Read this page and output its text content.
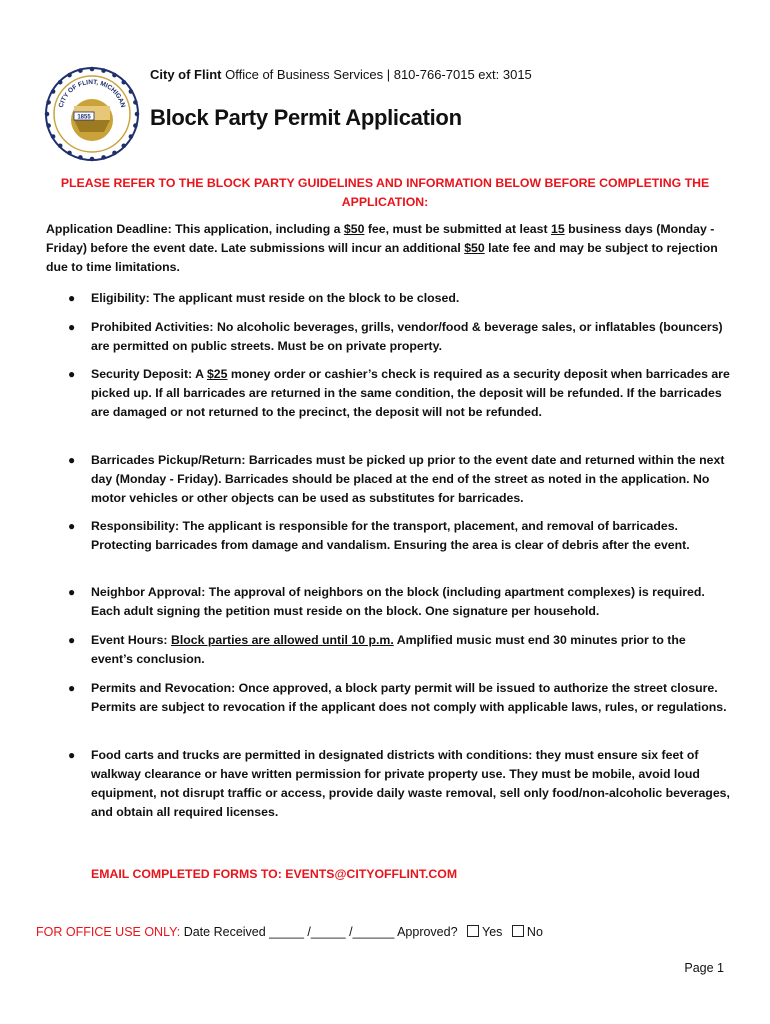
CITY OF FLINT, MICHIGAN
1855
City of Flint Office of Business Services | 810-766-7015 ext: 3015
Block Party Permit Application
PLEASE REFER TO THE BLOCK PARTY GUIDELINES AND INFORMATION BELOW BEFORE COMPLETING THE APPLICATION:
Application Deadline: This application, including a $50 fee, must be submitted at least 15 business days (Monday - Friday) before the event date. Late submissions will incur an additional $50 late fee and may be subject to rejection due to time limitations.
● Eligibility: The applicant must reside on the block to be closed.
● Prohibited Activities: No alcoholic beverages, grills, vendor/food & beverage sales, or inflatables (bouncers) are permitted on public streets. Must be on private property.
● Security Deposit: A $25 money order or cashier’s check is required as a security deposit when barricades are picked up. If all barricades are returned in the same condition, the deposit will be refunded. If the barricades are damaged or not returned to the precinct, the deposit will not be refunded.
● Barricades Pickup/Return: Barricades must be picked up prior to the event date and returned within the next day (Monday - Friday). Barricades should be placed at the end of the street as noted in the application. No motor vehicles or other objects can be used as substitutes for barricades.
● Responsibility: The applicant is responsible for the transport, placement, and removal of barricades. Protecting barricades from damage and vandalism. Ensuring the area is clear of debris after the event.
● Neighbor Approval: The approval of neighbors on the block (including apartment complexes) is required. Each adult signing the petition must reside on the block. One signature per household.
● Event Hours: Block parties are allowed until 10 p.m. Amplified music must end 30 minutes prior to the event’s conclusion.
● Permits and Revocation: Once approved, a block party permit will be issued to authorize the street closure. Permits are subject to revocation if the applicant does not comply with applicable laws, rules, or regulations.
● Food carts and trucks are permitted in designated districts with conditions: they must ensure six feet of walkway clearance or have written permission for private property use. They must be mobile, avoid loud equipment, not disrupt traffic or access, provide daily waste removal, sell only food/non-alcoholic beverages, and obtain all required licenses.
EMAIL COMPLETED FORMS TO: EVENTS@CITYOFFLINT.COM
FOR OFFICE USE ONLY: Date Received _____ /_____ /______ Approved? Yes No
Page 1
